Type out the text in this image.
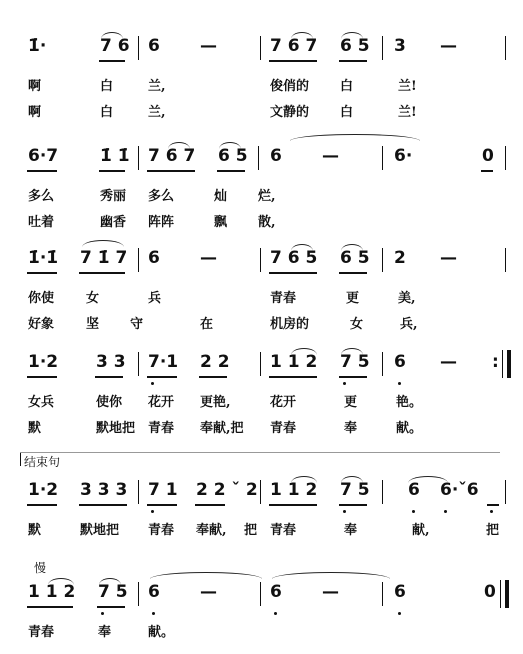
1̇·	7 6 6 —	7 6 7 6 5 3 —
啊	白	兰,	俊俏的 白	兰!
啊	白	兰,	文静的 白	兰!
6·7 1̇ 1̇ 7 6 7 6 5 6 —	6·	0
多么	秀丽 多么	灿 烂,
吐着	幽香 阵阵	飘 散,
1̇·1̇ 7 1̇ 7 6 —	7 6 5 6 5 2 —
你使 女	兵	青春	更	美,
好象 坚 守	在	机房的	女	兵,
1·2 3 3 7·1 2 2 1 1 2 7 5 6 — :
女兵	使你 花开 更艳,	花开	更	艳。
默	默地把 青春 奉献,把 青春	奉	献。
结束句
1·2 3 3 3 7 1 2 2 ˇ 2 1 1 2 7 5 6 6·ˇ6
默	默地把 青春 奉献, 把 青春	奉	献,	把
慢
1 1 2 7 5 6 —	6 —	6	0
青春	奉	献。
